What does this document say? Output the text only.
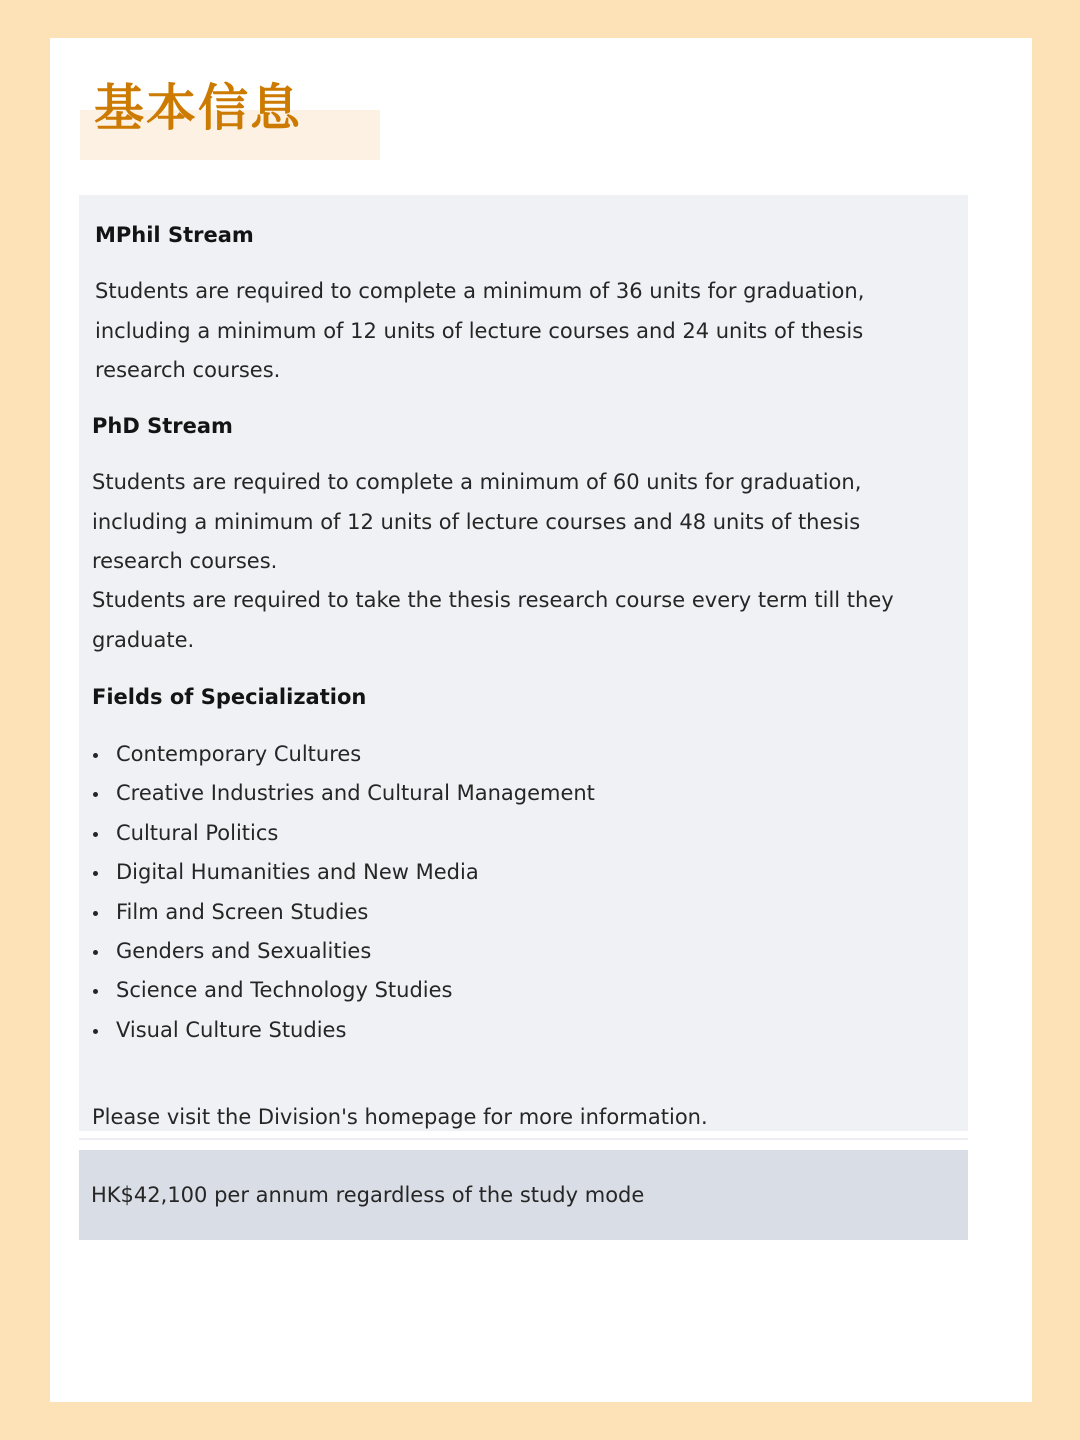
基本信息
MPhil Stream

Students are required to complete a minimum of 36 units for graduation, including a minimum of 12 units of lecture courses and 24 units of thesis research courses.

PhD Stream

Students are required to complete a minimum of 60 units for graduation, including a minimum of 12 units of lecture courses and 48 units of thesis research courses.

Students are required to take the thesis research course every term till they graduate.

Fields of Specialization
Contemporary Cultures
Creative Industries and Cultural Management
Cultural Politics
Digital Humanities and New Media
Film and Screen Studies
Genders and Sexualities
Science and Technology Studies
Visual Culture Studies

Please visit the Division's homepage for more information.

HK$42,100 per annum regardless of the study mode
